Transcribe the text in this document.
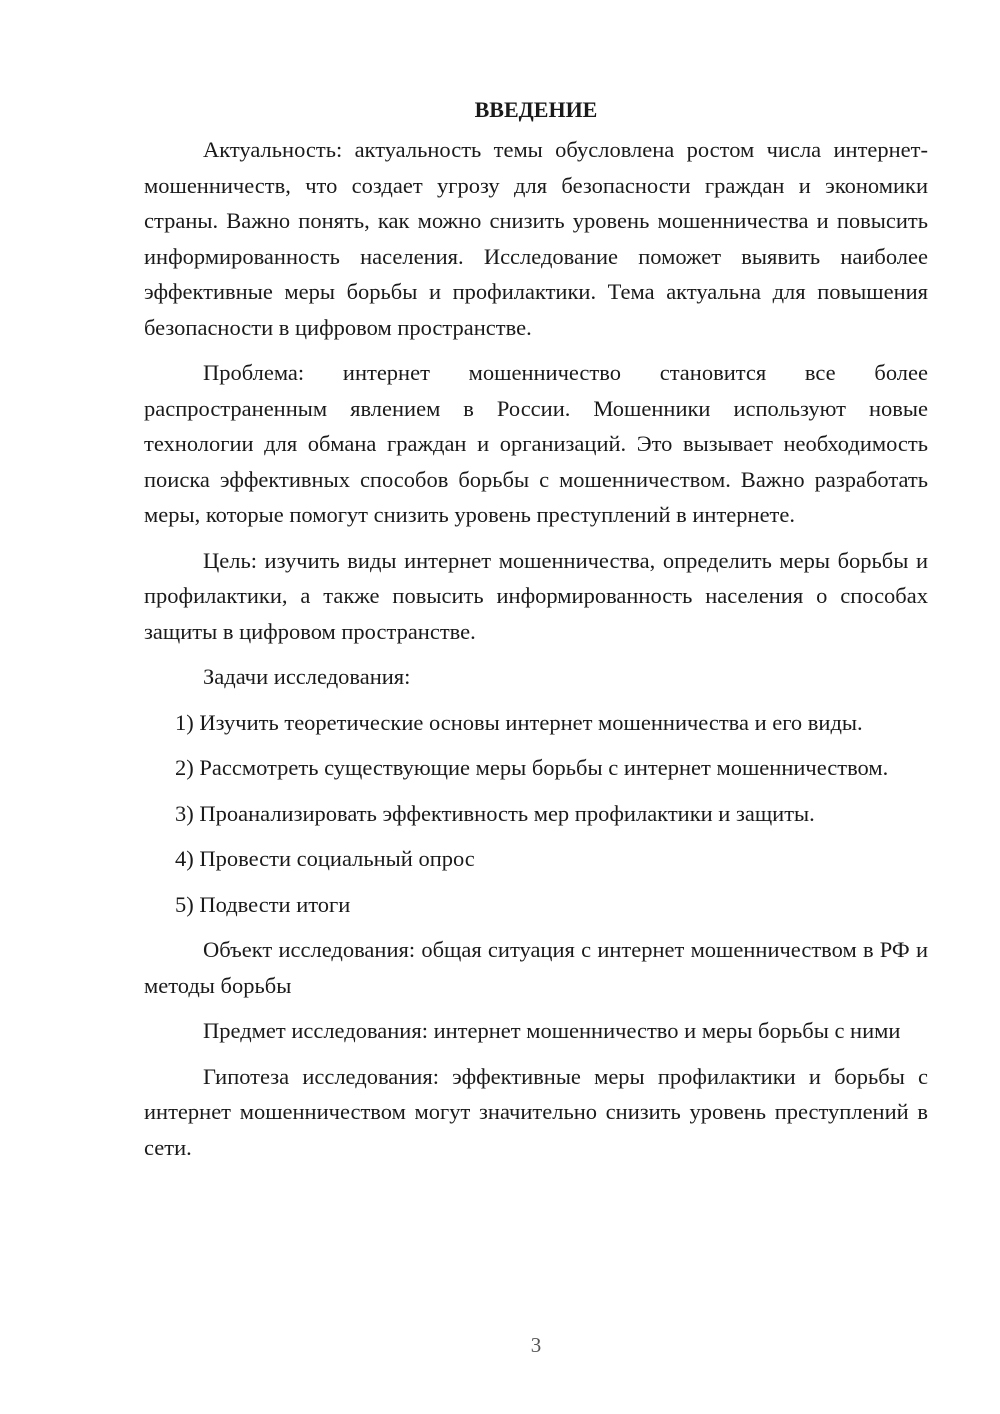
ВВЕДЕНИЕ

Актуальность: актуальность темы обусловлена ростом числа интернет-мошенничеств, что создает угрозу для безопасности граждан и экономики страны. Важно понять, как можно снизить уровень мошенничества и повысить информированность населения. Исследование поможет выявить наиболее эффективные меры борьбы и профилактики. Тема актуальна для повышения безопасности в цифровом пространстве.

Проблема: интернет мошенничество становится все более распространенным явлением в России. Мошенники используют новые технологии для обмана граждан и организаций. Это вызывает необходимость поиска эффективных способов борьбы с мошенничеством. Важно разработать меры, которые помогут снизить уровень преступлений в интернете.

Цель: изучить виды интернет мошенничества, определить меры борьбы и профилактики, а также повысить информированность населения о способах защиты в цифровом пространстве.

Задачи исследования:

1) Изучить теоретические основы интернет мошенничества и его виды.

2) Рассмотреть существующие меры борьбы с интернет мошенничеством.

3) Проанализировать эффективность мер профилактики и защиты.

4) Провести социальный опрос

5) Подвести итоги

Объект исследования: общая ситуация с интернет мошенничеством в РФ и методы борьбы

Предмет исследования: интернет мошенничество и меры борьбы с ними

Гипотеза исследования: эффективные меры профилактики и борьбы с интернет мошенничеством могут значительно снизить уровень преступлений в сети.

3
